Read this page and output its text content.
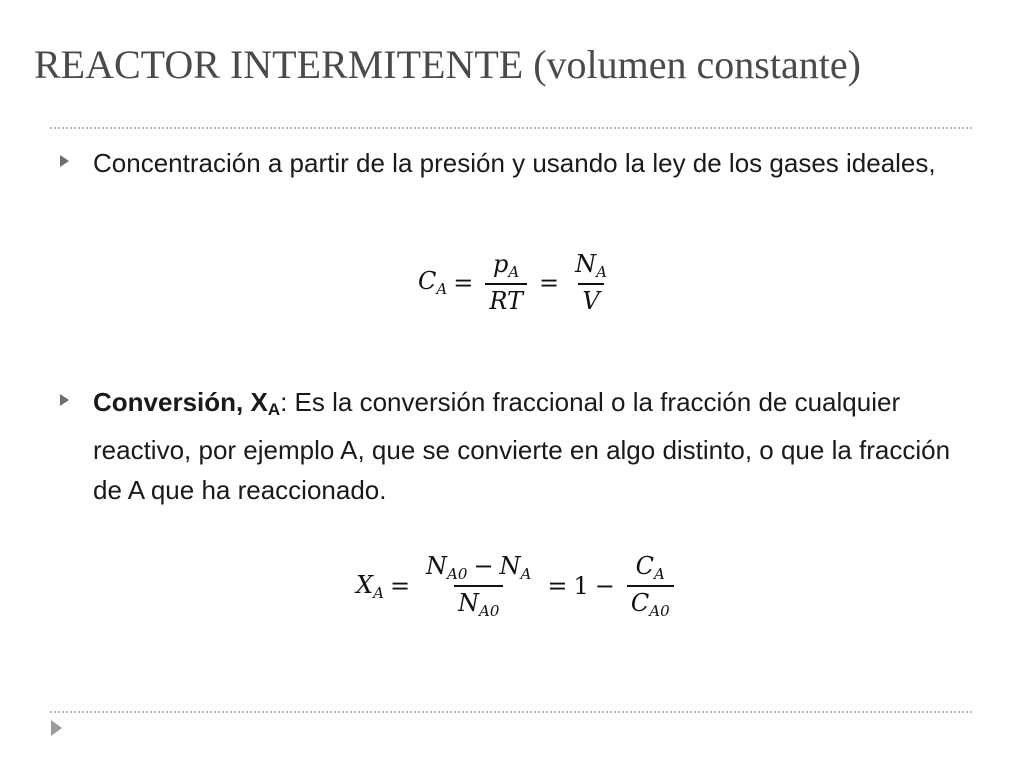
REACTOR INTERMITENTE (volumen constante)
Concentración a partir de la presión y usando la ley de los gases ideales,
$C_A = \frac{p_A}{RT} = \frac{N_A}{V}$
Conversión, $X_A$: Es la conversión fraccional o la fracción de cualquier reactivo, por ejemplo A, que se convierte en algo distinto, o que la fracción de A que ha reaccionado.
$X_A = \frac{N_{A0} - N_A}{N_{A0}} = 1 - \frac{C_A}{C_{A0}}$
